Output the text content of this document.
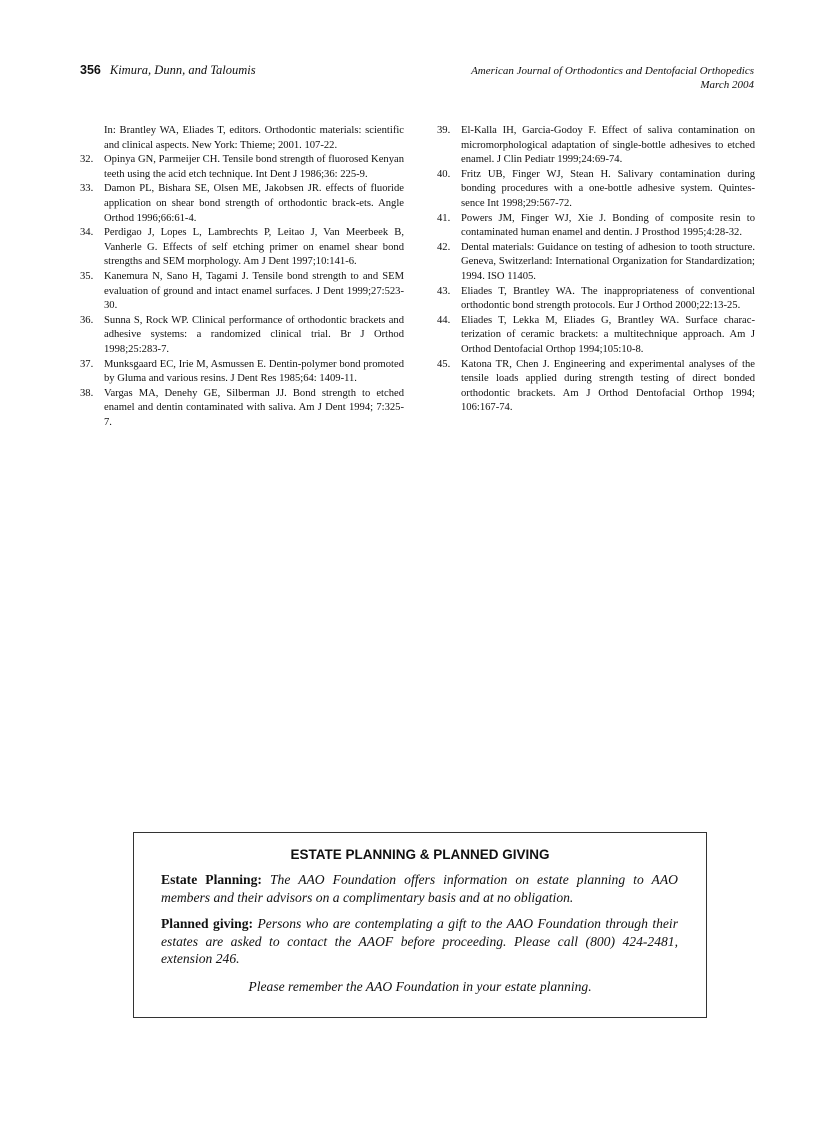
356 Kimura, Dunn, and Taloumis	American Journal of Orthodontics and Dentofacial Orthopedics
March 2004
In: Brantley WA, Eliades T, editors. Orthodontic materials: scientific and clinical aspects. New York: Thieme; 2001. 107-22.
32.	Opinya GN, Parmeijer CH. Tensile bond strength of fluorosed Kenyan teeth using the acid etch technique. Int Dent J 1986;36: 225-9.
33.	Damon PL, Bishara SE, Olsen ME, Jakobsen JR. effects of fluoride application on shear bond strength of orthodontic brack-ets. Angle Orthod 1996;66:61-4.
34.	Perdigao J, Lopes L, Lambrechts P, Leitao J, Van Meerbeek B, Vanherle G. Effects of self etching primer on enamel shear bond strengths and SEM morphology. Am J Dent 1997;10:141-6.
35.	Kanemura N, Sano H, Tagami J. Tensile bond strength to and SEM evaluation of ground and intact enamel surfaces. J Dent 1999;27:523-30.
36.	Sunna S, Rock WP. Clinical performance of orthodontic brackets and adhesive systems: a randomized clinical trial. Br J Orthod 1998;25:283-7.
37.	Munksgaard EC, Irie M, Asmussen E. Dentin-polymer bond promoted by Gluma and various resins. J Dent Res 1985;64: 1409-11.
38.	Vargas MA, Denehy GE, Silberman JJ. Bond strength to etched enamel and dentin contaminated with saliva. Am J Dent 1994; 7:325-7.
39.	El-Kalla IH, Garcia-Godoy F. Effect of saliva contamination on micromorphological adaptation of single-bottle adhesives to etched enamel. J Clin Pediatr 1999;24:69-74.
40.	Fritz UB, Finger WJ, Stean H. Salivary contamination during bonding procedures with a one-bottle adhesive system. Quintes-sence Int 1998;29:567-72.
41.	Powers JM, Finger WJ, Xie J. Bonding of composite resin to contaminated human enamel and dentin. J Prosthod 1995;4:28-32.
42.	Dental materials: Guidance on testing of adhesion to tooth structure. Geneva, Switzerland: International Organization for Standardization; 1994. ISO 11405.
43.	Eliades T, Brantley WA. The inappropriateness of conventional orthodontic bond strength protocols. Eur J Orthod 2000;22:13-25.
44.	Eliades T, Lekka M, Eliades G, Brantley WA. Surface charac-terization of ceramic brackets: a multitechnique approach. Am J Orthod Dentofacial Orthop 1994;105:10-8.
45.	Katona TR, Chen J. Engineering and experimental analyses of the tensile loads applied during strength testing of direct bonded orthodontic brackets. Am J Orthod Dentofacial Orthop 1994; 106:167-74.
ESTATE PLANNING & PLANNED GIVING
Estate Planning: The AAO Foundation offers information on estate planning to AAO members and their advisors on a complimentary basis and at no obligation.
Planned giving: Persons who are contemplating a gift to the AAO Foundation through their estates are asked to contact the AAOF before proceeding. Please call (800) 424-2481, extension 246.
Please remember the AAO Foundation in your estate planning.
